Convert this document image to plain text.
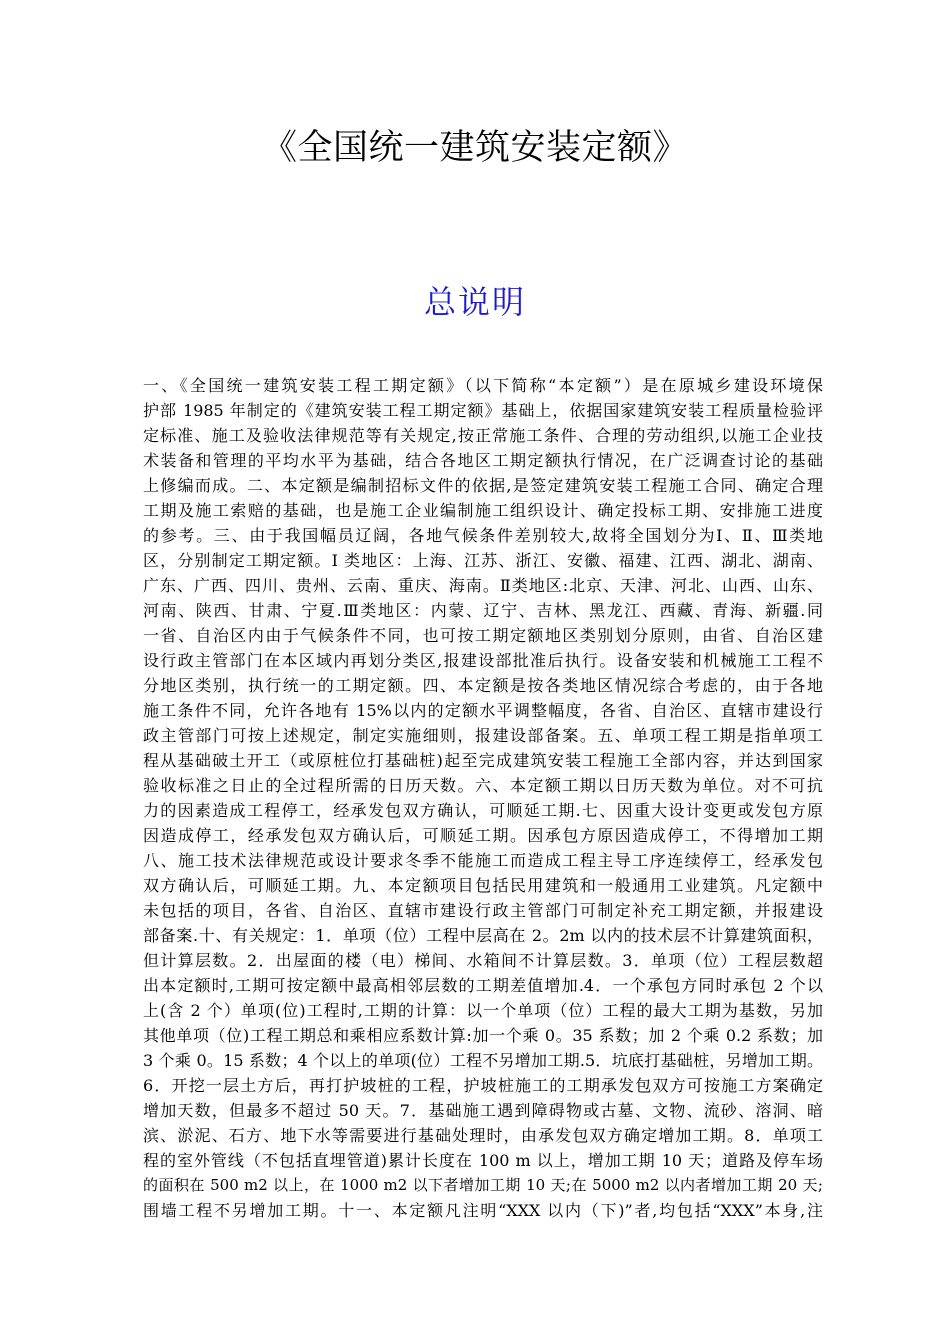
《全国统一建筑安装定额》
总说明
一、《全国统一建筑安装工程工期定额》（以下简称“本定额”）是在原城乡建设环境保
护部 1985 年制定的《建筑安装工程工期定额》基础上，依据国家建筑安装工程质量检验评
定标准、施工及验收法律规范等有关规定,按正常施工条件、合理的劳动组织,以施工企业技
术装备和管理的平均水平为基础，结合各地区工期定额执行情况，在广泛调查讨论的基础
上修编而成。二、本定额是编制招标文件的依据,是签定建筑安装工程施工合同、确定合理
工期及施工索赔的基础，也是施工企业编制施工组织设计、确定投标工期、安排施工进度
的参考。三、由于我国幅员辽阔，各地气候条件差别较大,故将全国划分为Ⅰ、Ⅱ、Ⅲ类地
区，分别制定工期定额。I 类地区：上海、江苏、浙江、安徽、福建、江西、湖北、湖南、
广东、广西、四川、贵州、云南、重庆、海南。Ⅱ类地区:北京、天津、河北、山西、山东、
河南、陕西、甘肃、宁夏.Ⅲ类地区：内蒙、辽宁、吉林、黑龙江、西藏、青海、新疆.同
一省、自治区内由于气候条件不同，也可按工期定额地区类别划分原则，由省、自治区建
设行政主管部门在本区域内再划分类区,报建设部批准后执行。设备安装和机械施工工程不
分地区类别，执行统一的工期定额。四、本定额是按各类地区情况综合考虑的，由于各地
施工条件不同，允许各地有 15%以内的定额水平调整幅度，各省、自治区、直辖市建设行
政主管部门可按上述规定，制定实施细则，报建设部备案。五、单项工程工期是指单项工
程从基础破土开工（或原桩位打基础桩)起至完成建筑安装工程施工全部内容，并达到国家
验收标准之日止的全过程所需的日历天数。六、本定额工期以日历天数为单位。对不可抗
力的因素造成工程停工，经承发包双方确认，可顺延工期.七、因重大设计变更或发包方原
因造成停工，经承发包双方确认后，可顺延工期。因承包方原因造成停工，不得增加工期
八、施工技术法律规范或设计要求冬季不能施工而造成工程主导工序连续停工，经承发包
双方确认后，可顺延工期。九、本定额项目包括民用建筑和一般通用工业建筑。凡定额中
未包括的项目，各省、自治区、直辖市建设行政主管部门可制定补充工期定额，并报建设
部备案.十、有关规定：1．单项（位）工程中层高在 2。2m 以内的技术层不计算建筑面积，
但计算层数。2．出屋面的楼（电）梯间、水箱间不计算层数。3．单项（位）工程层数超
出本定额时,工期可按定额中最高相邻层数的工期差值增加.4．一个承包方同时承包 2 个以
上(含 2 个）单项(位)工程时,工期的计算：以一个单项（位）工程的最大工期为基数，另加
其他单项（位)工程工期总和乘相应系数计算:加一个乘 0。35 系数；加 2 个乘 0.2 系数；加
3 个乘 0。15 系数；4 个以上的单项(位）工程不另增加工期.5．坑底打基础桩，另增加工期。
6．开挖一层土方后，再打护坡桩的工程，护坡桩施工的工期承发包双方可按施工方案确定
增加天数，但最多不超过 50 天。7．基础施工遇到障碍物或古墓、文物、流砂、溶洞、暗
滨、淤泥、石方、地下水等需要进行基础处理时，由承发包双方确定增加工期。8．单项工
程的室外管线（不包括直埋管道)累计长度在 100 m 以上，增加工期 10 天；道路及停车场
的面积在 500 m2 以上，在 1000 m2 以下者增加工期 10 天;在 5000 m2 以内者增加工期 20 天;
围墙工程不另增加工期。十一、本定额凡注明“XXX 以内（下)”者,均包括“XXX”本身,注
